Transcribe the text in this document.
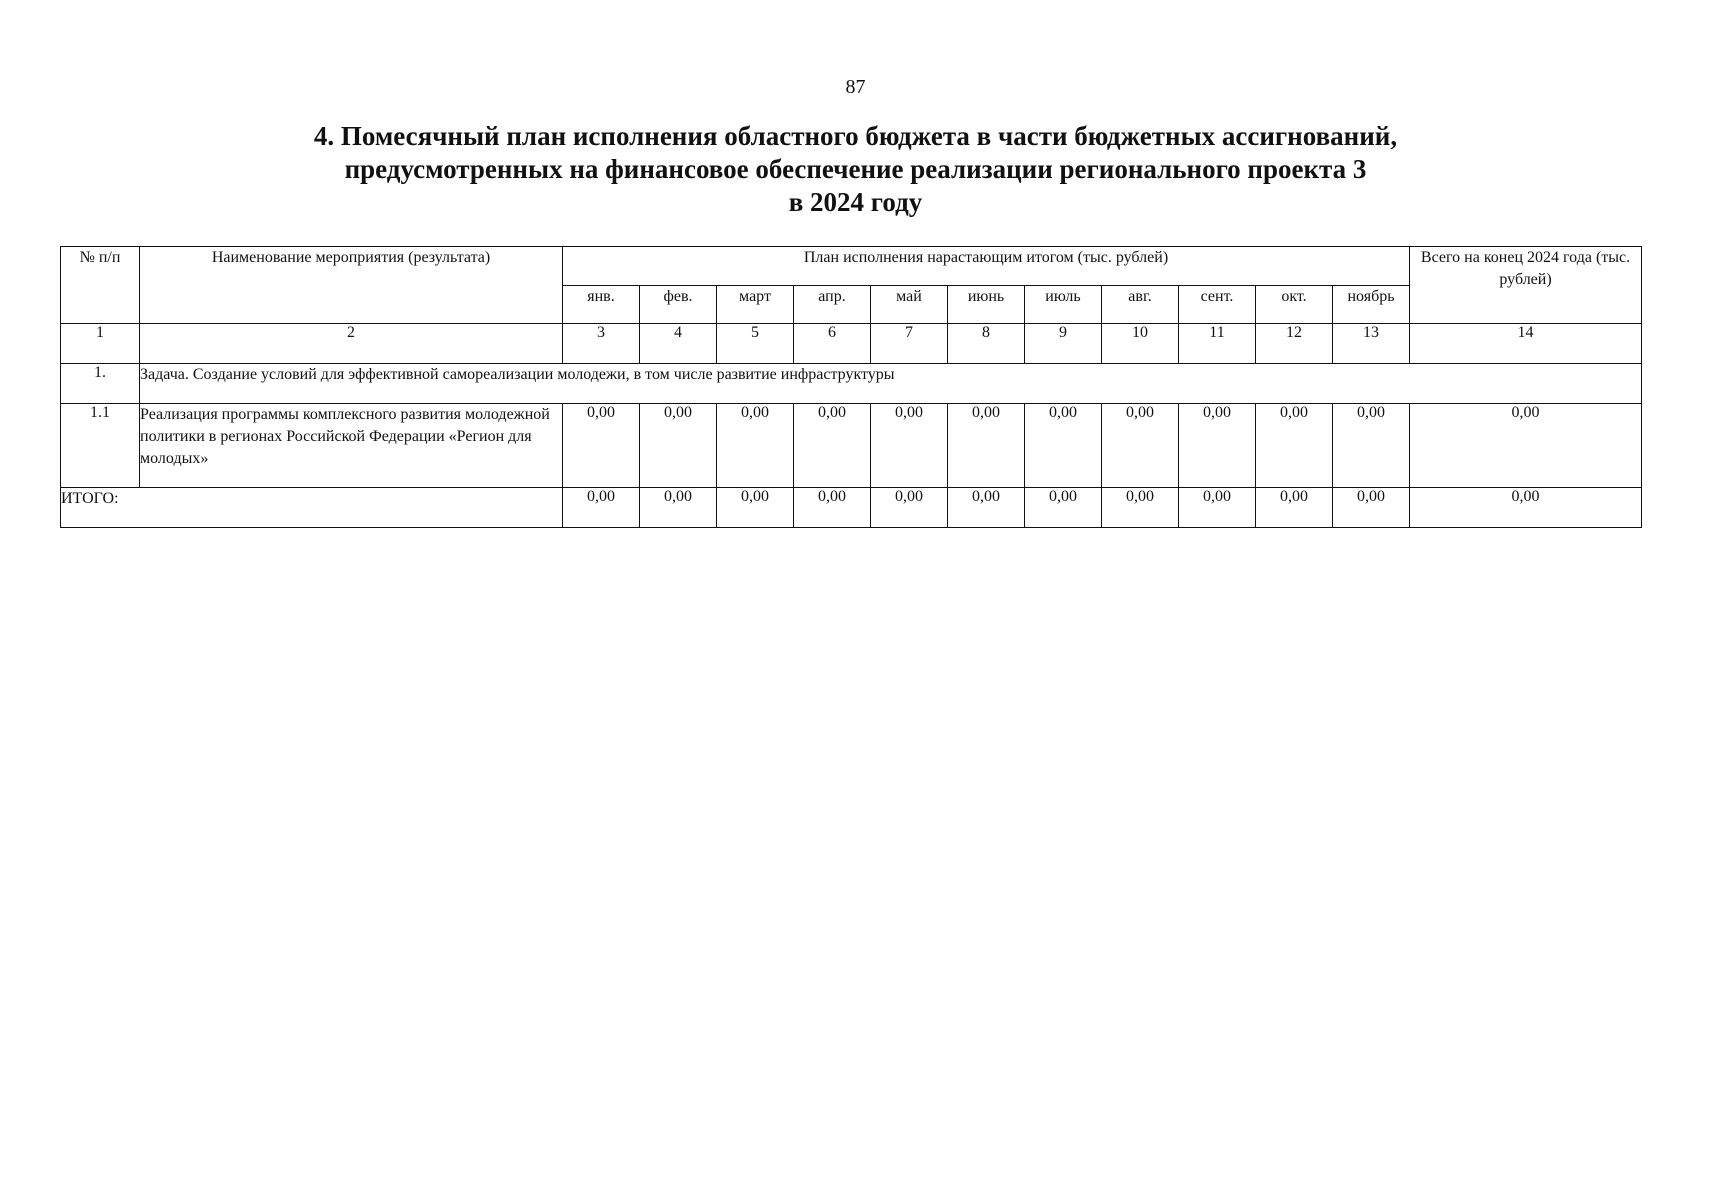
87
4. Помесячный план исполнения областного бюджета в части бюджетных ассигнований,
предусмотренных на финансовое обеспечение реализации регионального проекта 3
в 2024 году
№ п/п	Наименование мероприятия (результата)	План исполнения нарастающим итогом (тыс. рублей)											Всего на конец 2024 года (тыс. рублей)
		янв.	фев.	март	апр.	май	июнь	июль	авг.	сент.	окт.	ноябрь	
1	2	3	4	5	6	7	8	9	10	11	12	13	14
1.	Задача. Создание условий для эффективной самореализации молодежи, в том числе развитие инфраструктуры												
1.1	Реализация программы комплексного развития молодежной политики в регионах Российской Федерации «Регион для молодых»	0,00	0,00	0,00	0,00	0,00	0,00	0,00	0,00	0,00	0,00	0,00	0,00
ИТОГО:		0,00	0,00	0,00	0,00	0,00	0,00	0,00	0,00	0,00	0,00	0,00	0,00
